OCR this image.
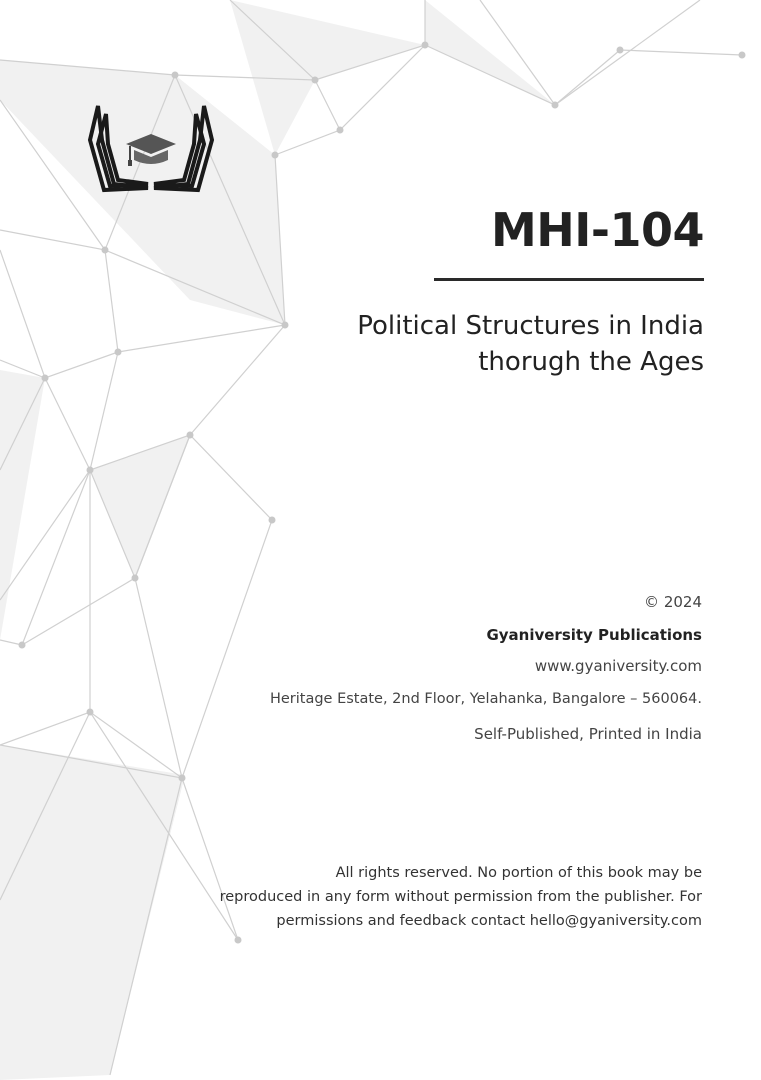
MHI-104
Political Structures in India
thorugh the Ages
© 2024
Gyaniversity Publications
www.gyaniversity.com
Heritage Estate, 2nd Floor, Yelahanka, Bangalore – 560064.
Self-Published, Printed in India
All rights reserved. No portion of this book may be
reproduced in any form without permission from the publisher. For
permissions and feedback contact hello@gyaniversity.com
